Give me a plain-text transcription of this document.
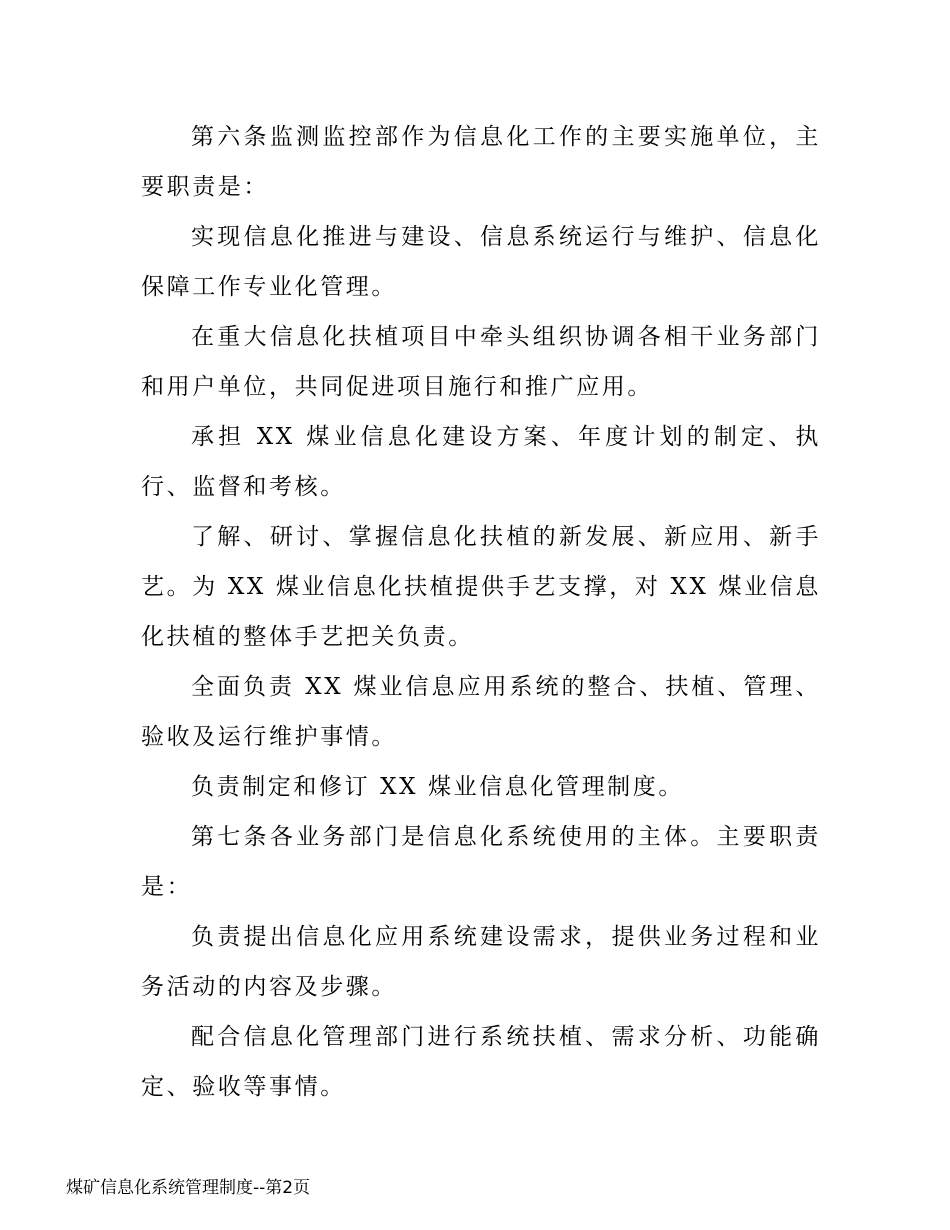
第六条监测监控部作为信息化工作的主要实施单位，主要职责是：

实现信息化推进与建设、信息系统运行与维护、信息化保障工作专业化管理。

在重大信息化扶植项目中牵头组织协调各相干业务部门和用户单位，共同促进项目施行和推广应用。

承担 XX 煤业信息化建设方案、年度计划的制定、执行、监督和考核。

了解、研讨、掌握信息化扶植的新发展、新应用、新手艺。为 XX 煤业信息化扶植提供手艺支撑，对 XX 煤业信息化扶植的整体手艺把关负责。

全面负责 XX 煤业信息应用系统的整合、扶植、管理、验收及运行维护事情。

负责制定和修订 XX 煤业信息化管理制度。

第七条各业务部门是信息化系统使用的主体。主要职责是：

负责提出信息化应用系统建设需求，提供业务过程和业务活动的内容及步骤。

配合信息化管理部门进行系统扶植、需求分析、功能确定、验收等事情。

煤矿信息化系统管理制度--第2页
